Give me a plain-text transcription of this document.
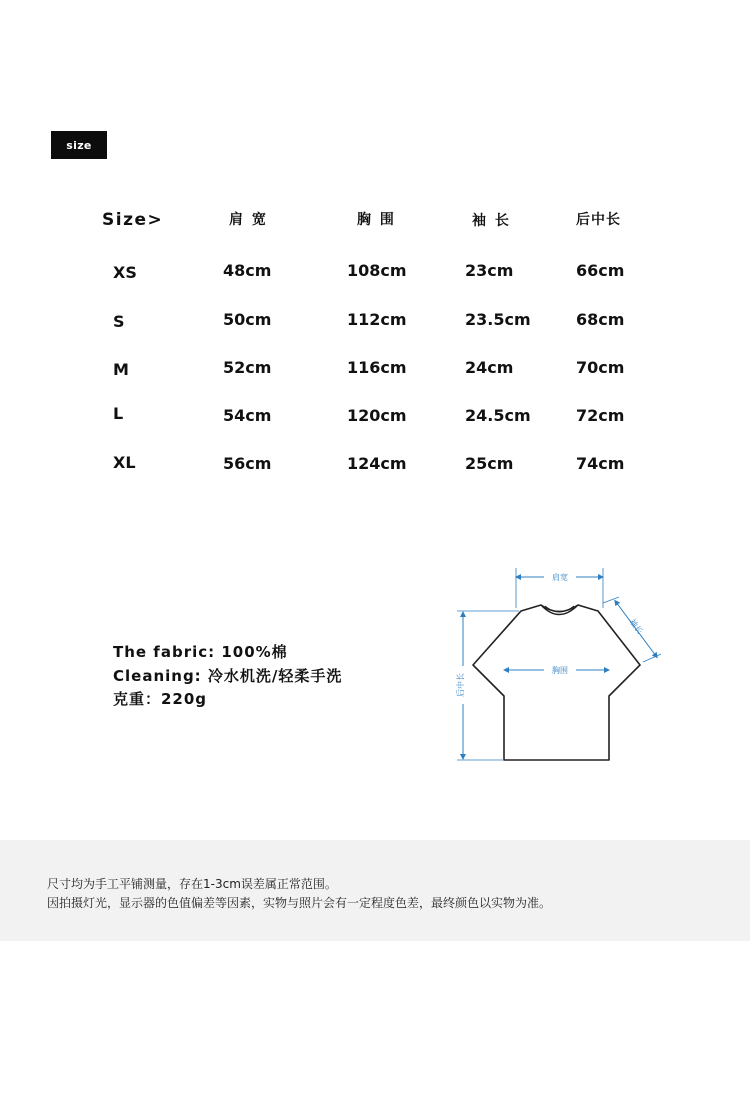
size
Size>	肩 宽	胸 围	袖 长	后中长
XS	48cm	108cm	23cm	66cm
S	50cm	112cm	23.5cm	68cm
M	52cm	116cm	24cm	70cm
L	54cm	120cm	24.5cm	72cm
XL	56cm	124cm	25cm	74cm
The fabric: 100%棉
Cleaning: 冷水机洗/轻柔手洗
克重：220g
肩宽
胸围
袖长
后中长
尺寸均为手工平铺测量，存在1-3cm误差属正常范围。
因拍摄灯光，显示器的色值偏差等因素，实物与照片会有一定程度色差，最终颜色以实物为准。
